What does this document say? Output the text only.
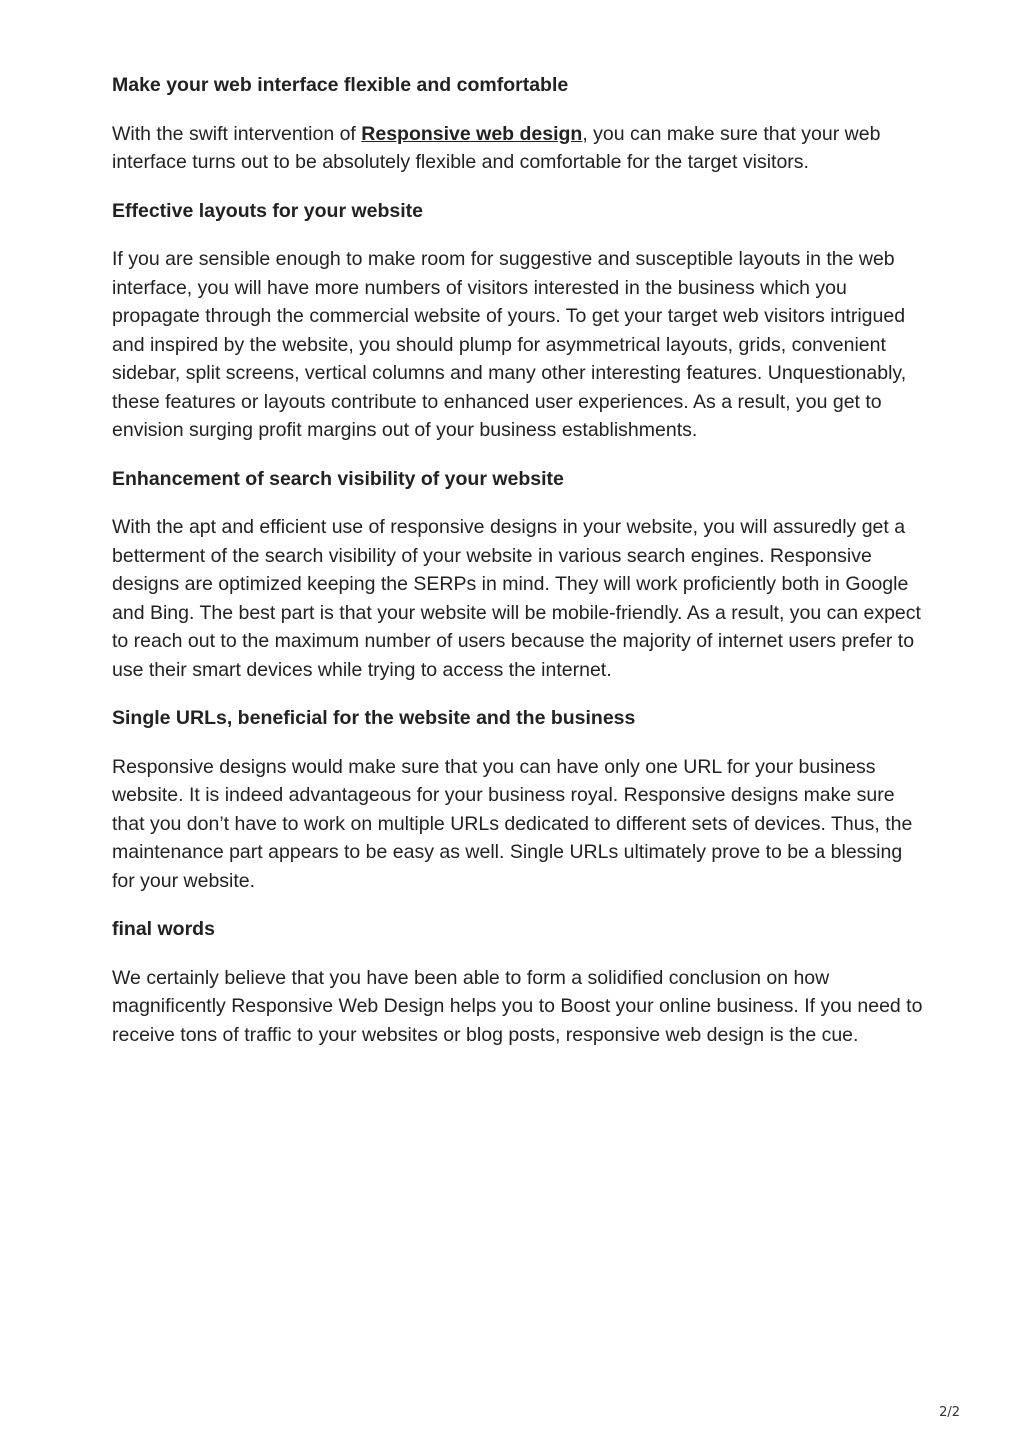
Make your web interface flexible and comfortable
With the swift intervention of Responsive web design, you can make sure that your web interface turns out to be absolutely flexible and comfortable for the target visitors.
Effective layouts for your website
If you are sensible enough to make room for suggestive and susceptible layouts in the web interface, you will have more numbers of visitors interested in the business which you propagate through the commercial website of yours. To get your target web visitors intrigued and inspired by the website, you should plump for asymmetrical layouts, grids, convenient sidebar, split screens, vertical columns and many other interesting features. Unquestionably, these features or layouts contribute to enhanced user experiences. As a result, you get to envision surging profit margins out of your business establishments.
Enhancement of search visibility of your website
With the apt and efficient use of responsive designs in your website, you will assuredly get a betterment of the search visibility of your website in various search engines. Responsive designs are optimized keeping the SERPs in mind. They will work proficiently both in Google and Bing. The best part is that your website will be mobile-friendly. As a result, you can expect to reach out to the maximum number of users because the majority of internet users prefer to use their smart devices while trying to access the internet.
Single URLs, beneficial for the website and the business
Responsive designs would make sure that you can have only one URL for your business website. It is indeed advantageous for your business royal. Responsive designs make sure that you don’t have to work on multiple URLs dedicated to different sets of devices. Thus, the maintenance part appears to be easy as well. Single URLs ultimately prove to be a blessing for your website.
final words
We certainly believe that you have been able to form a solidified conclusion on how magnificently Responsive Web Design helps you to Boost your online business. If you need to receive tons of traffic to your websites or blog posts, responsive web design is the cue.
2/2
